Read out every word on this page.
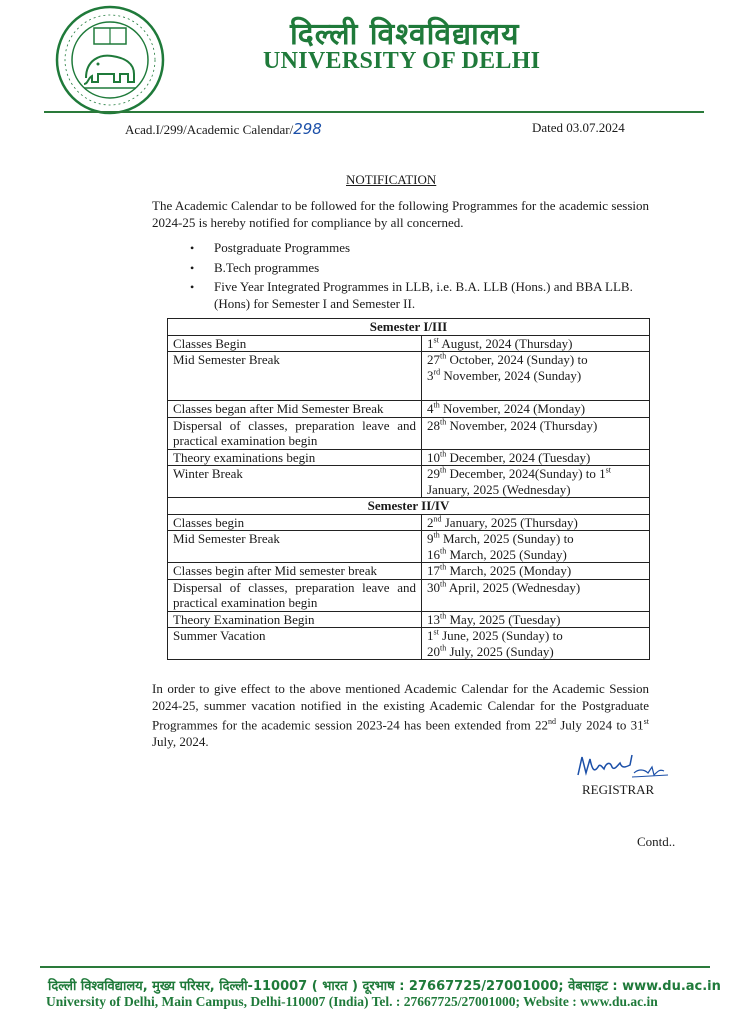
दिल्ली विश्वविद्यालय
UNIVERSITY OF DELHI
Acad.I/299/Academic Calendar/298	Dated 03.07.2024
NOTIFICATION
The Academic Calendar to be followed for the following Programmes for the academic session 2024-25 is hereby notified for compliance by all concerned.
• Postgraduate Programmes
• B.Tech programmes
• Five Year Integrated Programmes in LLB, i.e. B.A. LLB (Hons.) and BBA LLB. (Hons) for Semester I and Semester II.
Semester I/III	
Classes Begin	1st August, 2024 (Thursday)
Mid Semester Break	27th October, 2024 (Sunday) to
3rd November, 2024 (Sunday)
Classes began after Mid Semester Break	4th November, 2024 (Monday)
Dispersal of classes, preparation leave and practical examination begin	28th November, 2024 (Thursday)
Theory examinations begin	10th December, 2024 (Tuesday)
Winter Break	29th December, 2024(Sunday) to 1st
January, 2025 (Wednesday)
Semester II/IV	
Classes begin	2nd January, 2025 (Thursday)
Mid Semester Break	9th March, 2025 (Sunday) to
16th March, 2025 (Sunday)
Classes begin after Mid semester break	17th March, 2025 (Monday)
Dispersal of classes, preparation leave and practical examination begin	30th April, 2025 (Wednesday)
Theory Examination Begin	13th May, 2025 (Tuesday)
Summer Vacation	1st June, 2025 (Sunday) to
20th July, 2025 (Sunday)
In order to give effect to the above mentioned Academic Calendar for the Academic Session 2024-25, summer vacation notified in the existing Academic Calendar for the Postgraduate Programmes for the academic session 2023-24 has been extended from 22nd July 2024 to 31st July, 2024.
REGISTRAR
Contd..
दिल्ली विश्वविद्यालय, मुख्य परिसर, दिल्ली-110007 ( भारत ) दूरभाष : 27667725/27001000; वेबसाइट : www.du.ac.in
University of Delhi, Main Campus, Delhi-110007 (India) Tel. : 27667725/27001000; Website : www.du.ac.in
